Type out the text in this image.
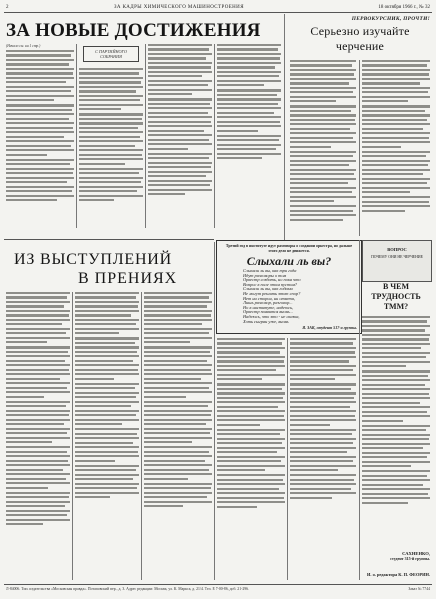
2	ЗА КАДРЫ ХИМИЧЕСКОГО МАШИНОСТРОЕНИЯ	18 октября 1966 г., № 32
ЗА НОВЫЕ ДОСТИЖЕНИЯ
(Начало см. на 1 стр.)
С ПАРТИЙНОГО СОБРАНИЯ
ПЕРВОКУРСНИК, ПРОЧТИ!
Серьезно изучайте
черчение
Третий год в институте идут разговоры о создании оркестра, но дальше этого дело не движется.
Слыхали ль вы?
Слыхали ль вы, как три года
Идут разговоры о том
Оркестр создать, но пока что
Вопрос в поле этом пустом?
Слыхали ль вы, как годами
Не могут решить этот спор?
Нет ни сторон, ни ответа,
Лишь разговор, разговор...
Но в институте, надеюсь,
Оркестр появится вновь...
Надеюсь, что это - не сказка,
Хоть сыгран уже, вновь
Я. ЗАК, студент 517-а группы.
ИЗ ВЫСТУПЛЕНИЙ
В ПРЕНИЯХ
ВОПРОС
ПОЧЕМУ ОНИ НЕ ЧЕРЧЕНИЕ
В ЧЕМ
ТРУДНОСТЬ
ТММ?
САХНЕНКО,
студент 315-й группы.
И. о. редактора К. П. ФЕОРИН.
Л-84006. Тип. издательства «Московская правда». Потаповский пер., д. 3. Адрес редакции: Москва, ул. К. Маркса, д. 21/4. Тел. Е 7-00-86, доб. 21-296.	Заказ № 7744
